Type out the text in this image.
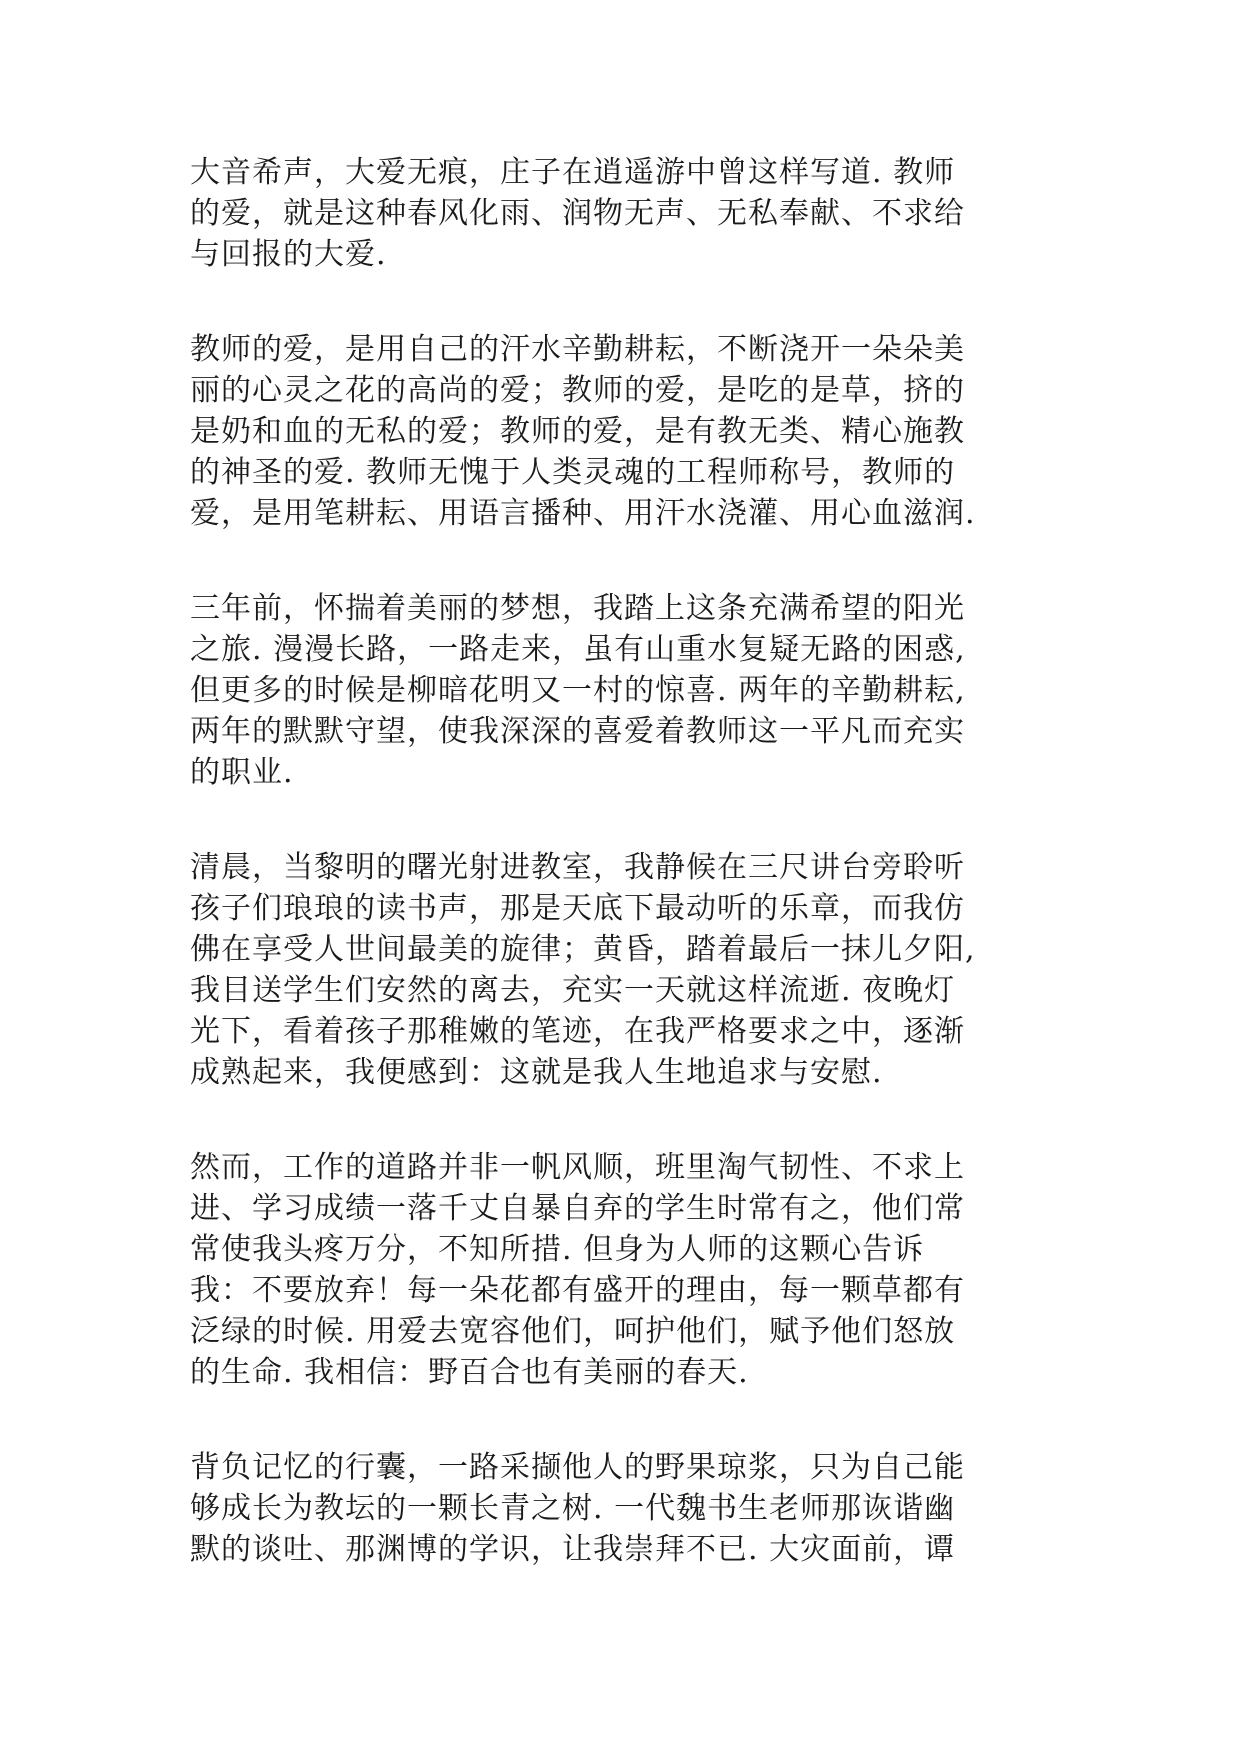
大音希声，大爱无痕，庄子在逍遥游中曾这样写道. 教师
的爱，就是这种春风化雨、润物无声、无私奉献、不求给
与回报的大爱.
教师的爱，是用自己的汗水辛勤耕耘，不断浇开一朵朵美
丽的心灵之花的高尚的爱；教师的爱，是吃的是草，挤的
是奶和血的无私的爱；教师的爱，是有教无类、精心施教
的神圣的爱. 教师无愧于人类灵魂的工程师称号，教师的
爱，是用笔耕耘、用语言播种、用汗水浇灌、用心血滋润.
三年前，怀揣着美丽的梦想，我踏上这条充满希望的阳光
之旅. 漫漫长路，一路走来，虽有山重水复疑无路的困惑,
但更多的时候是柳暗花明又一村的惊喜. 两年的辛勤耕耘,
两年的默默守望，使我深深的喜爱着教师这一平凡而充实
的职业.
清晨，当黎明的曙光射进教室，我静候在三尺讲台旁聆听
孩子们琅琅的读书声，那是天底下最动听的乐章，而我仿
佛在享受人世间最美的旋律；黄昏，踏着最后一抹儿夕阳,
我目送学生们安然的离去，充实一天就这样流逝. 夜晚灯
光下，看着孩子那稚嫩的笔迹，在我严格要求之中，逐渐
成熟起来，我便感到：这就是我人生地追求与安慰.
然而，工作的道路并非一帆风顺，班里淘气韧性、不求上
进、学习成绩一落千丈自暴自弃的学生时常有之，他们常
常使我头疼万分，不知所措. 但身为人师的这颗心告诉
我：不要放弃！每一朵花都有盛开的理由，每一颗草都有
泛绿的时候. 用爱去宽容他们，呵护他们，赋予他们怒放
的生命. 我相信：野百合也有美丽的春天.
背负记忆的行囊，一路采撷他人的野果琼浆，只为自己能
够成长为教坛的一颗长青之树. 一代魏书生老师那诙谐幽
默的谈吐、那渊博的学识，让我崇拜不已. 大灾面前，谭
